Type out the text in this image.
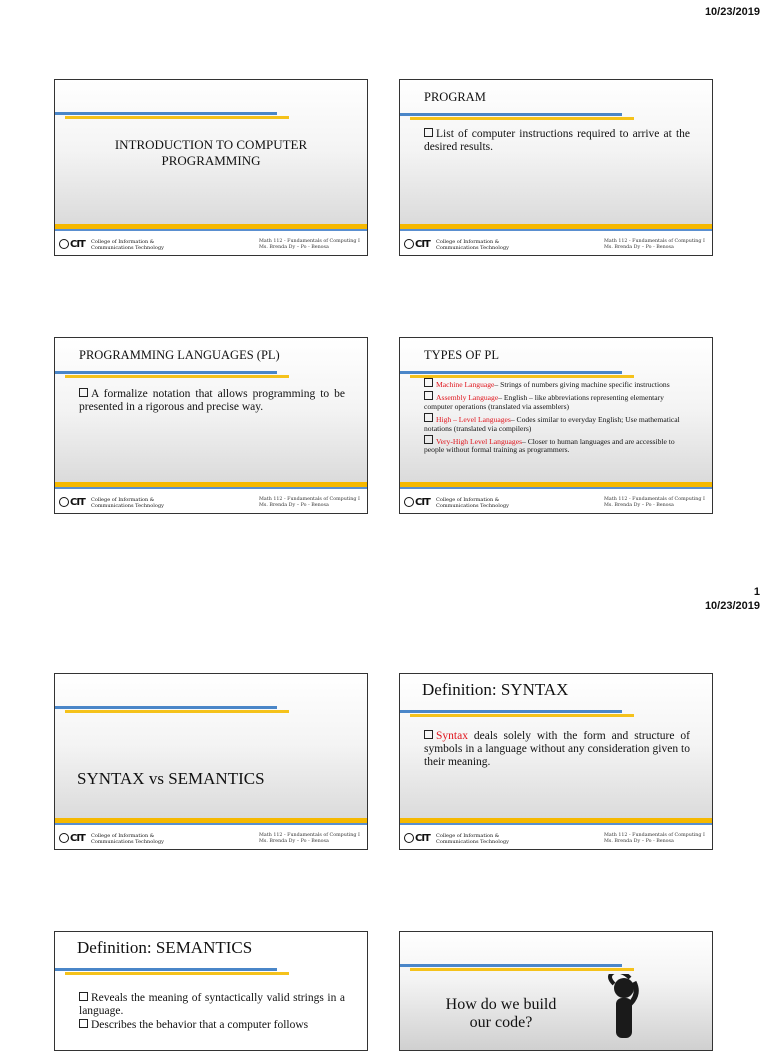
10/23/2019
INTRODUCTION TO COMPUTER
PROGRAMMING
CIT College of Information &
Communications Technology
Math 112 - Fundamentals of Computing I
Ms. Brenda Dy – Po - Benosa
PROGRAM
List of computer instructions required to arrive at the desired results.
CIT College of Information &
Communications Technology
Math 112 - Fundamentals of Computing I
Ms. Brenda Dy – Po - Benosa
PROGRAMMING LANGUAGES (PL)
A formalize notation that allows programming to be presented in a rigorous and precise way.
CIT College of Information &
Communications Technology
Math 112 - Fundamentals of Computing I
Ms. Brenda Dy – Po - Benosa
TYPES OF PL
Machine Language– Strings of numbers giving machine specific instructions
Assembly Language– English – like abbreviations representing elementary computer operations (translated via assemblers)
High – Level Languages– Codes similar to everyday English; Use mathematical notations (translated via compilers)
Very-High Level Languages– Closer to human languages and are accessible to people without formal training as programmers.
CIT College of Information &
Communications Technology
Math 112 - Fundamentals of Computing I
Ms. Brenda Dy – Po - Benosa
1
10/23/2019
SYNTAX vs SEMANTICS
CIT College of Information &
Communications Technology
Math 112 - Fundamentals of Computing I
Ms. Brenda Dy – Po - Benosa
Definition: SYNTAX
Syntax deals solely with the form and structure of symbols in a language without any consideration given to their meaning.
CIT College of Information &
Communications Technology
Math 112 - Fundamentals of Computing I
Ms. Brenda Dy – Po - Benosa
Definition: SEMANTICS
Reveals the meaning of syntactically valid strings in a language.
Describes the behavior that a computer follows
How do we build
our code?
